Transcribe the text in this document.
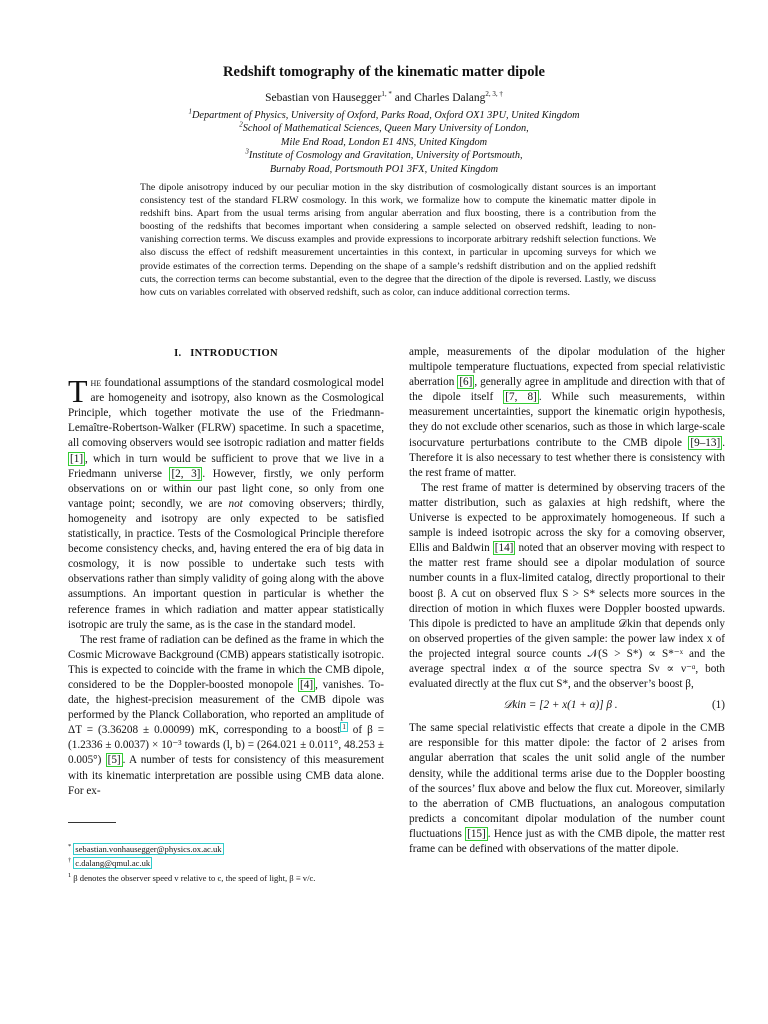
Redshift tomography of the kinematic matter dipole
Sebastian von Hausegger$^{1, *}$ and Charles Dalang$^{2, 3, \dagger}$
$^1$Department of Physics, University of Oxford, Parks Road, Oxford OX1 3PU, United Kingdom
$^2$School of Mathematical Sciences, Queen Mary University of London,
Mile End Road, London E1 4NS, United Kingdom
$^3$Institute of Cosmology and Gravitation, University of Portsmouth,
Burnaby Road, Portsmouth PO1 3FX, United Kingdom

The dipole anisotropy induced by our peculiar motion in the sky distribution of cosmologically distant sources is an important consistency test of the standard FLRW cosmology. In this work, we formalize how to compute the kinematic matter dipole in redshift bins. Apart from the usual terms arising from angular aberration and flux boosting, there is a contribution from the boosting of the redshifts that becomes important when considering a sample selected on observed redshift, leading to non-vanishing correction terms. We discuss examples and provide expressions to incorporate arbitrary redshift selection functions. We also discuss the effect of redshift measurement uncertainties in this context, in particular in upcoming surveys for which we provide estimates of the correction terms. Depending on the shape of a sample’s redshift distribution and on the applied redshift cuts, the correction terms can become substantial, even to the degree that the direction of the dipole is reversed. Lastly, we discuss how cuts on variables correlated with observed redshift, such as color, can induce additional correction terms.

I. INTRODUCTION

The foundational assumptions of the standard cosmological model are homogeneity and isotropy, also known as the Cosmological Principle, which together motivate the use of the Friedmann-Lemaître-Robertson-Walker (FLRW) spacetime. In such a spacetime, all comoving observers would see isotropic radiation and matter fields [1] , which in turn would be sufficient to prove that we live in a Friedmann universe [2, 3] . However, firstly, we only perform observations on or within our past light cone, so only from one vantage point; secondly, we are not comoving observers; thirdly, homogeneity and isotropy are only expected to be satisfied statistically, in practice. Tests of the Cosmological Principle therefore become consistency checks, and, having entered the era of big data in cosmology, it is now possible to undertake such tests with observations rather than simply validity of going along with the above assumptions. An important question in particular is whether the reference frames in which radiation and matter appear statistically isotropic are truly the same, as is the case in the standard model.

The rest frame of radiation can be defined as the frame in which the Cosmic Microwave Background (CMB) appears statistically isotropic. This is expected to coincide with the frame in which the CMB dipole, considered to be the Doppler-boosted monopole [4] , vanishes. To-date, the highest-precision measurement of the CMB dipole was performed by the Planck Collaboration, who reported an amplitude of ΔT = (3.36208 ± 0.00099) mK, corresponding to a boost $^1$ of β = (1.2336 ± 0.0037) × 10⁻³ towards (l, b) = (264.021 ± 0.011°, 48.253 ± 0.005°) [5] . A number of tests for consistency of this measurement with its kinematic interpretation are possible using CMB data alone. For ex-

ample, measurements of the dipolar modulation of the higher multipole temperature fluctuations, expected from special relativistic aberration [6] , generally agree in amplitude and direction with that of the dipole itself [7, 8] . While such measurements, within measurement uncertainties, support the kinematic origin hypothesis, they do not exclude other scenarios, such as those in which large-scale isocurvature perturbations contribute to the CMB dipole [9–13] . Therefore it is also necessary to test whether there is consistency with the rest frame of matter.

The rest frame of matter is determined by observing tracers of the matter distribution, such as galaxies at high redshift, where the Universe is expected to be approximately homogeneous. If such a sample is indeed isotropic across the sky for a comoving observer, Ellis and Baldwin [14] noted that an observer moving with respect to the matter rest frame should see a dipolar modulation of source number counts in a flux-limited catalog, directly proportional to their boost β. A cut on observed flux S > S* selects more sources in the direction of motion in which fluxes were Doppler boosted upwards. This dipole is predicted to have an amplitude 𝒟kin that depends only on observed properties of the given sample: the power law index x of the projected integral source counts 𝒩(S > S*) ∝ S*⁻ˣ and the average spectral index α of the source spectra Sν ∝ ν⁻ᵅ, both evaluated directly at the flux cut S*, and the observer’s boost β,

𝒟kin = [2 + x(1 + α)] β .	(1)

The same special relativistic effects that create a dipole in the CMB are responsible for this matter dipole: the factor of 2 arises from angular aberration that scales the unit solid angle of the number density, while the additional terms arise due to the Doppler boosting of the sources’ flux above and below the flux cut. Moreover, similarly to the aberration of CMB fluctuations, an analogous computation predicts a concomitant dipolar modulation of the number count fluctuations [15] . Hence just as with the CMB dipole, the matter rest frame can be defined with observations of the matter dipole.

* sebastian.vonhausegger@physics.ox.ac.uk
† c.dalang@qmul.ac.uk
$^1$ β denotes the observer speed v relative to c, the speed of light, β ≡ v/c.
